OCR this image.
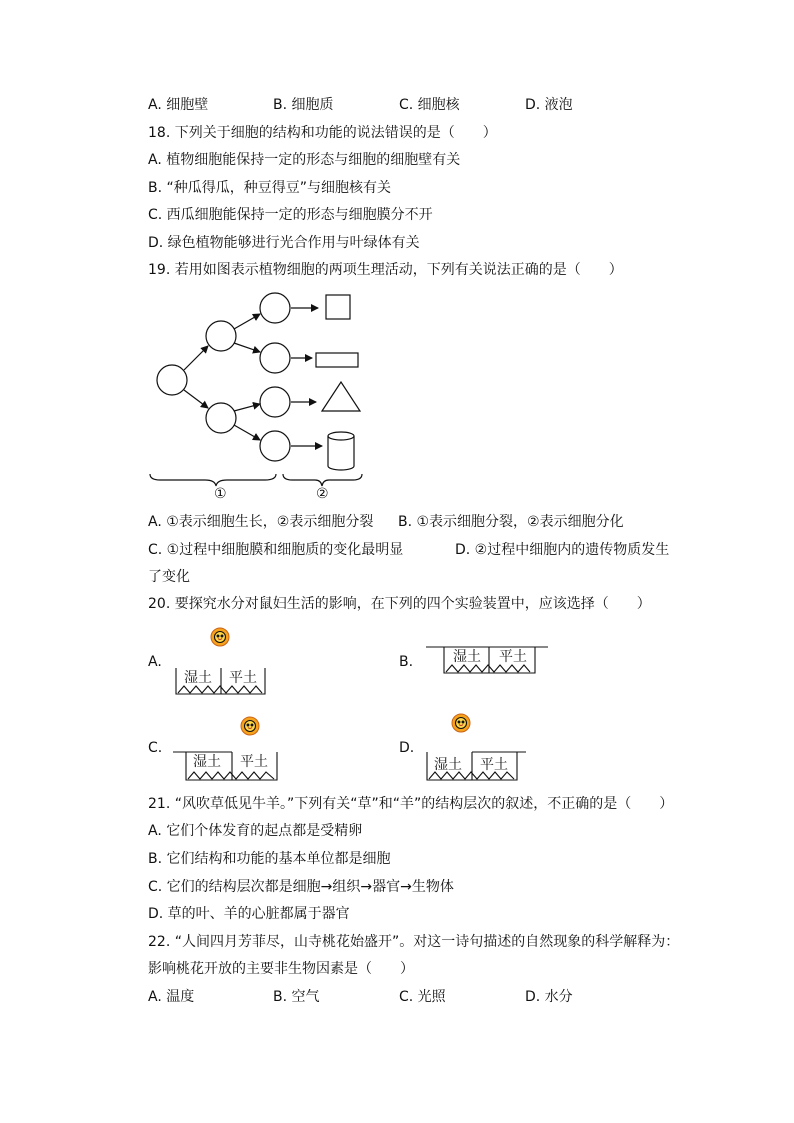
A. 细胞壁	B. 细胞质	C. 细胞核	D. 液泡
18. 下列关于细胞的结构和功能的说法错误的是（　　）
A. 植物细胞能保持一定的形态与细胞的细胞壁有关
B. “种瓜得瓜，种豆得豆”与细胞核有关
C. 西瓜细胞能保持一定的形态与细胞膜分不开
D. 绿色植物能够进行光合作用与叶绿体有关
19. 若用如图表示植物细胞的两项生理活动，下列有关说法正确的是（　　）
①	②
A. ①表示细胞生长，②表示细胞分裂 B. ①表示细胞分裂，②表示细胞分化
C. ①过程中细胞膜和细胞质的变化最明显	D. ②过程中细胞内的遗传物质发生
了变化
20. 要探究水分对鼠妇生活的影响，在下列的四个实验装置中，应该选择（　　）
A.	B.
C.	D.
湿土 平土
湿土 平土
湿土 平土	湿土 平土
21. “风吹草低见牛羊。”下列有关“草”和“羊”的结构层次的叙述，不正确的是（　　）
A. 它们个体发育的起点都是受精卵
B. 它们结构和功能的基本单位都是细胞
C. 它们的结构层次都是细胞→组织→器官→生物体
D. 草的叶、羊的心脏都属于器官
22. “人间四月芳菲尽，山寺桃花始盛开”。对这一诗句描述的自然现象的科学解释为：
影响桃花开放的主要非生物因素是（　　）
A. 温度	B. 空气	C. 光照	D. 水分
